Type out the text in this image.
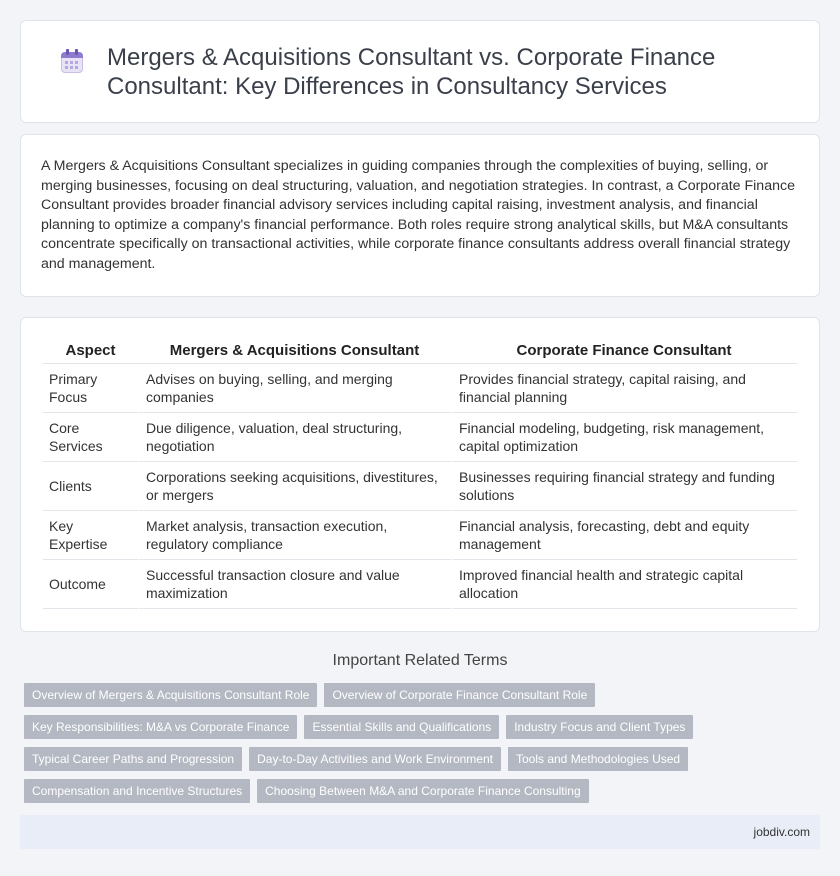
Mergers & Acquisitions Consultant vs. Corporate Finance Consultant: Key Differences in Consultancy Services

A Mergers & Acquisitions Consultant specializes in guiding companies through the complexities of buying, selling, or merging businesses, focusing on deal structuring, valuation, and negotiation strategies. In contrast, a Corporate Finance Consultant provides broader financial advisory services including capital raising, investment analysis, and financial planning to optimize a company's financial performance. Both roles require strong analytical skills, but M&A consultants concentrate specifically on transactional activities, while corporate finance consultants address overall financial strategy and management.

Aspect	Mergers & Acquisitions Consultant	Corporate Finance Consultant
Primary Focus	Advises on buying, selling, and merging companies	Provides financial strategy, capital raising, and financial planning
Core Services	Due diligence, valuation, deal structuring, negotiation	Financial modeling, budgeting, risk management, capital optimization
Clients	Corporations seeking acquisitions, divestitures, or mergers	Businesses requiring financial strategy and funding solutions
Key Expertise	Market analysis, transaction execution, regulatory compliance	Financial analysis, forecasting, debt and equity management
Outcome	Successful transaction closure and value maximization	Improved financial health and strategic capital allocation
Important Related Terms
Overview of Mergers & Acquisitions Consultant Role	Overview of Corporate Finance Consultant Role
Key Responsibilities: M&A vs Corporate Finance	Essential Skills and Qualifications	Industry Focus and Client Types
Typical Career Paths and Progression	Day-to-Day Activities and Work Environment	Tools and Methodologies Used
Compensation and Incentive Structures	Choosing Between M&A and Corporate Finance Consulting
jobdiv.com
